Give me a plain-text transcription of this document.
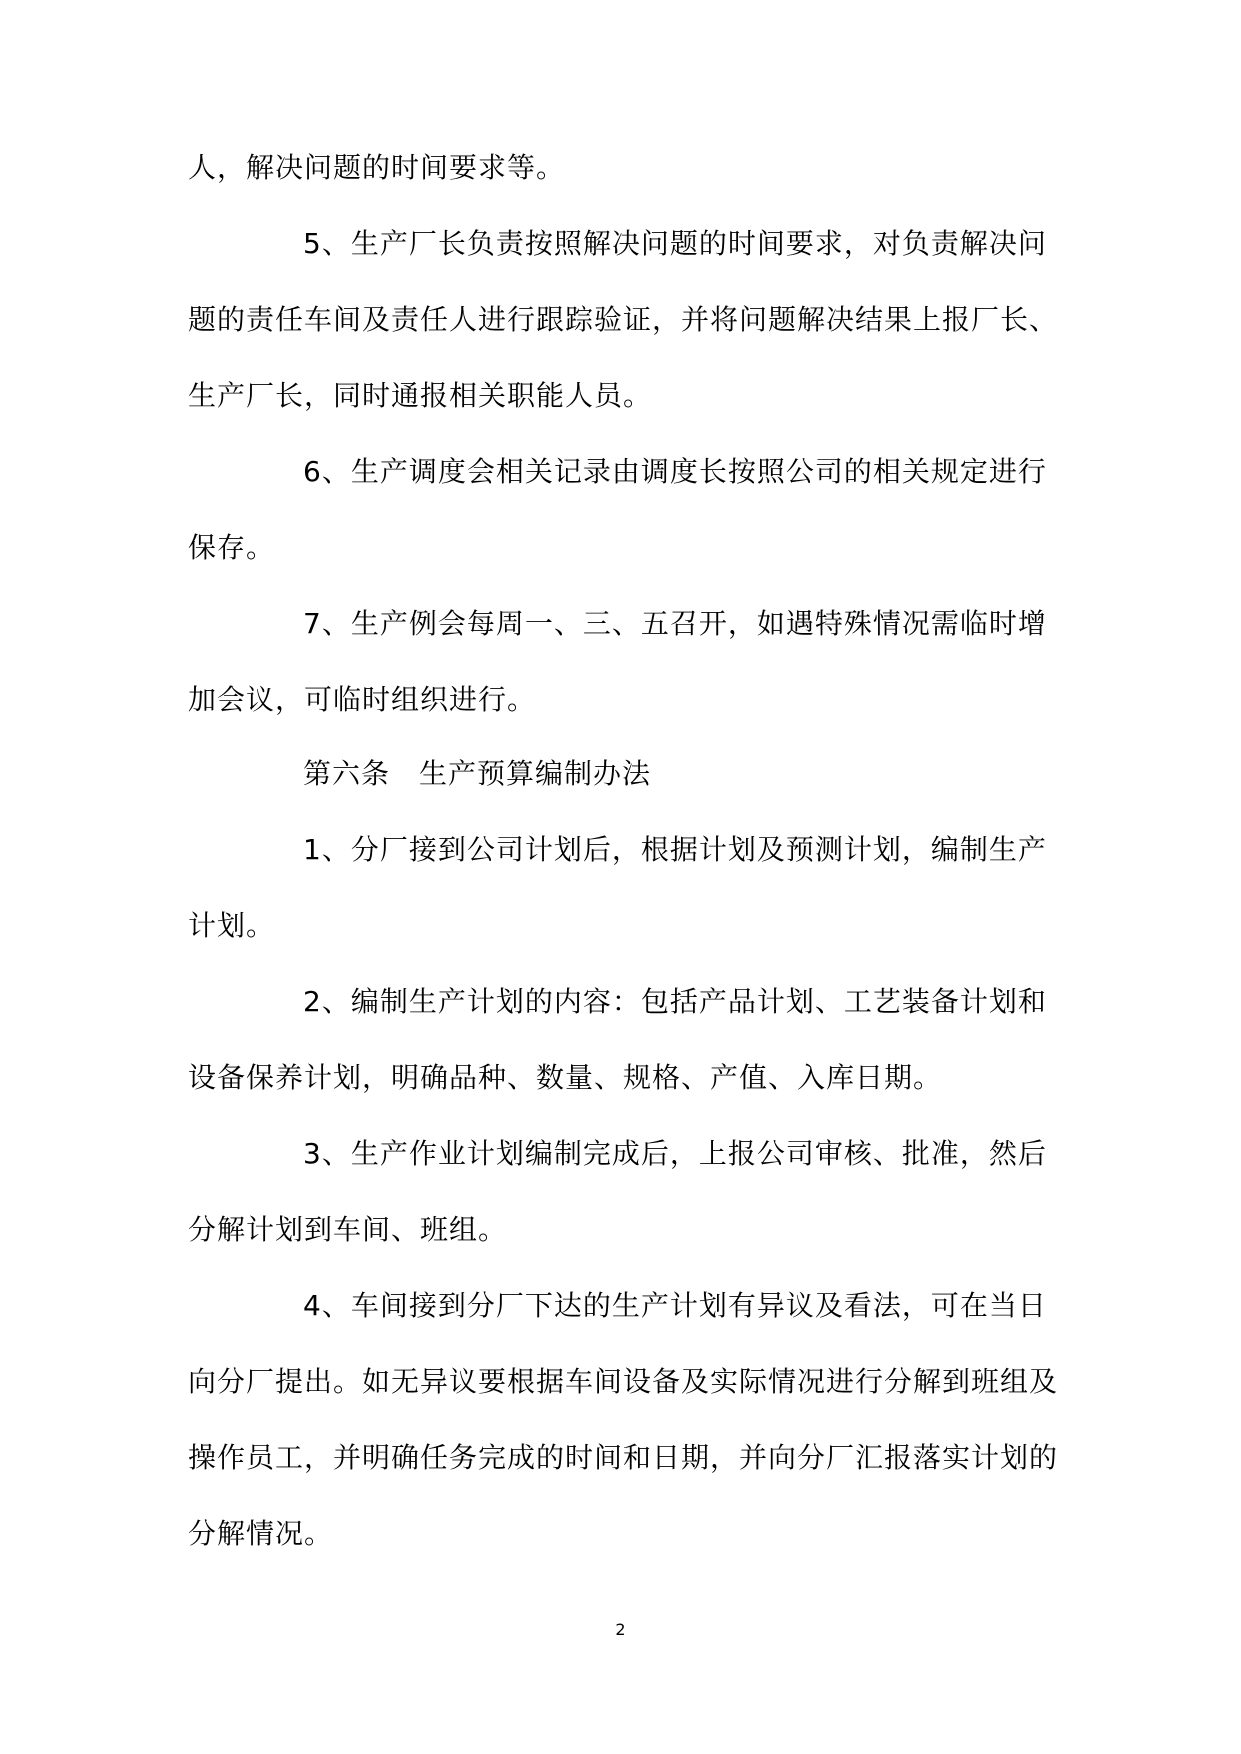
人，解决问题的时间要求等。
5、生产厂长负责按照解决问题的时间要求，对负责解决问
题的责任车间及责任人进行跟踪验证，并将问题解决结果上报厂长、
生产厂长，同时通报相关职能人员。
6、生产调度会相关记录由调度长按照公司的相关规定进行
保存。
7、生产例会每周一、三、五召开，如遇特殊情况需临时增
加会议，可临时组织进行。
第六条　生产预算编制办法
1、分厂接到公司计划后，根据计划及预测计划，编制生产
计划。
2、编制生产计划的内容：包括产品计划、工艺装备计划和
设备保养计划，明确品种、数量、规格、产值、入库日期。
3、生产作业计划编制完成后，上报公司审核、批准，然后
分解计划到车间、班组。
4、车间接到分厂下达的生产计划有异议及看法，可在当日
向分厂提出。如无异议要根据车间设备及实际情况进行分解到班组及
操作员工，并明确任务完成的时间和日期，并向分厂汇报落实计划的
分解情况。
2
